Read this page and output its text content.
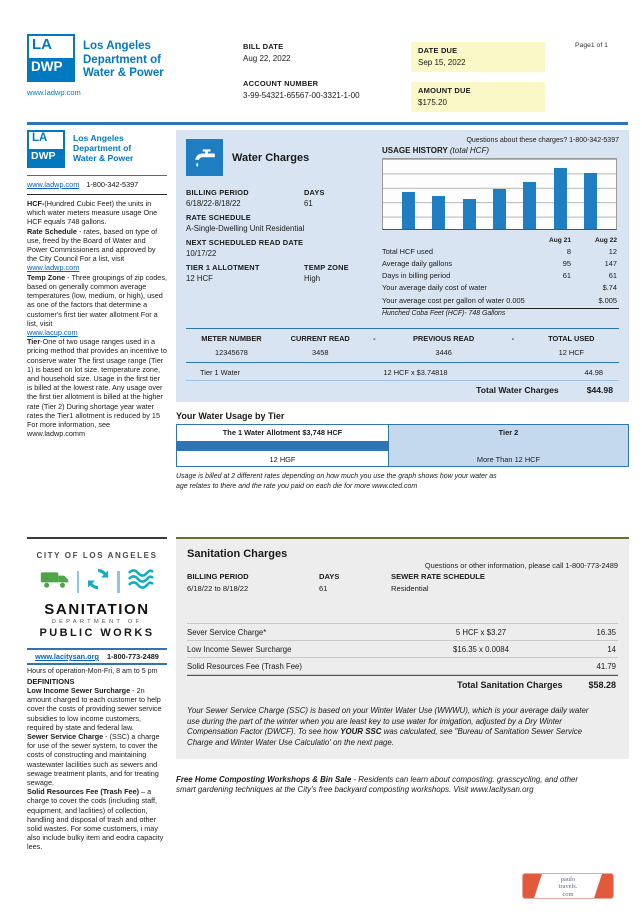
LA
DWP
Los Angeles
Department of
Water & Power
www.ladwp.com
BILL DATE
Aug 22, 2022
ACCOUNT NUMBER
3-99-54321-65567-00-3321-1-00
DATE DUE
Sep 15, 2022
AMOUNT DUE
$175.20
Page1 of 1
LA
DWP
Los Angeles
Department of
Water & Power
www.ladwp.com 1-800-342-5397
HCF-(Hundred Cubic Feet) the units in which water meters measure usage One HCF equals 748 gallons.
Rate Schedule - rates, based on type of use, freed by the Board of Water and Power Commissioners and approved by the City Council For a list, visit
www.ladwp.com
Temp Zone - Three groupings of zip codes, based on generally common average temperatures (low, medium, or high), used as one of the factors that determine a customer's first tier water allotment For a list, visit
www.lacup.com
Tier-One of two usage ranges used in a pricing method that provides an incentive to conserve water The first usage range (Tier 1) is based on lot size. temperature zone, and household size. Usage in the first tier is billed at the lowest rate. Any usage over the first tier allotment is billed at the higher rate (Tier 2) During shortage year water rates the Tier1 allotment is reduced by 15 For more information, see www.ladwp.comm
Water Charges
BILLING PERIOD	DAYS
6/18/22-8/18/22	61
RATE SCHEDULE
A-Single-Dwelling Unit Residential
NEXT SCHEDULED READ DATE
10/17/22
TIER 1 ALLOTMENT	TEMP ZONE
12 HCF	High
Questions about these charges? 1-800-342-5397
USAGE HISTORY (total HCF)
Aug 21	Aug 22
Total HCF used	8	12
Average daily gallons	95	147
Days in billing period	61	61
Your average daily cost of water	$.74
Your average cost per gallon of water 0.005	$.005
Hunched Coba Feet (HCF)- 748 Gallons
METER NUMBER	CURRENT READ	-	PREVIOUS READ	-	TOTAL USED
12345678	3458	3446	12 HCF
Tier 1 Water	12 HCF x $3.74818	44.98
Total Water Charges	$44.98
Your Water Usage by Tier
The 1 Water Allotment $3,748 HCF	Tier 2
12 HGF	More Than 12 HCF
Usage is billed at 2 different rates depending on how much you use the graph shows how your water as
age relates to there and the rate you paid on each die for more www.cted.com
CITY OF LOS ANGELES
SANITATION
DEPARTMENT OF
PUBLIC WORKS
www.lacitysan.org 1-800-773-2489
Hours of operation-Mon-Fri, 8 am to 5 pm
DEFINITIONS
Low Income Sewer Surcharge - 2n amount charged to each customer to help cover the costs of providing sewer service subsidies to low income customers, required by state and federal law.
Sewer Service Charge - (SSC) a charge for use of the sewer system, to cover the costs of constructing and maintaining wastewater lacilities such as sewers and sewage treatment plants, and for treating sewage.
Solid Resources Fee (Trash Fee) – a charge to cover the cods (including staff, equipment, and laclities) of collection, handling and disposal of trash and other solid wastes. For some customers, i may also include bulky item and eodra capacity lees.
Sanitation Charges
Questions or other information, please call 1-800-773-2489
BILLING PERIOD	DAYS	SEWER RATE SCHEDULE
6/18/22 to 8/18/22	61	Residential
Sever Service Charge*	5 HCF x $3.27	16.35
Low Income Sewer Surcharge	$16.35 x 0.0084	14
Solid Resources Fee (Trash Fee)	41.79
Total Sanitation Charges	$58.28
Your Sewer Service Charge (SSC) is based on your Winter Water Use (WWWU), which is your average daily water use during the part of the winter when you are least key to use water for imigation, adjusted by a Dry Winter Compensation Factor (DWCF). To see how YOUR SSC was calculated, see "Bureau of Sanitation Sewer Service Charge and Winter Water Use Calculatio' on the next page.
Free Home Composting Workshops & Bin Sale - Residents can learn about composting. grasscycling, and other smart gardening techniques at the City's free backyard composting workshops. Visit www.lacitysan.org
paulo
travels.
com
